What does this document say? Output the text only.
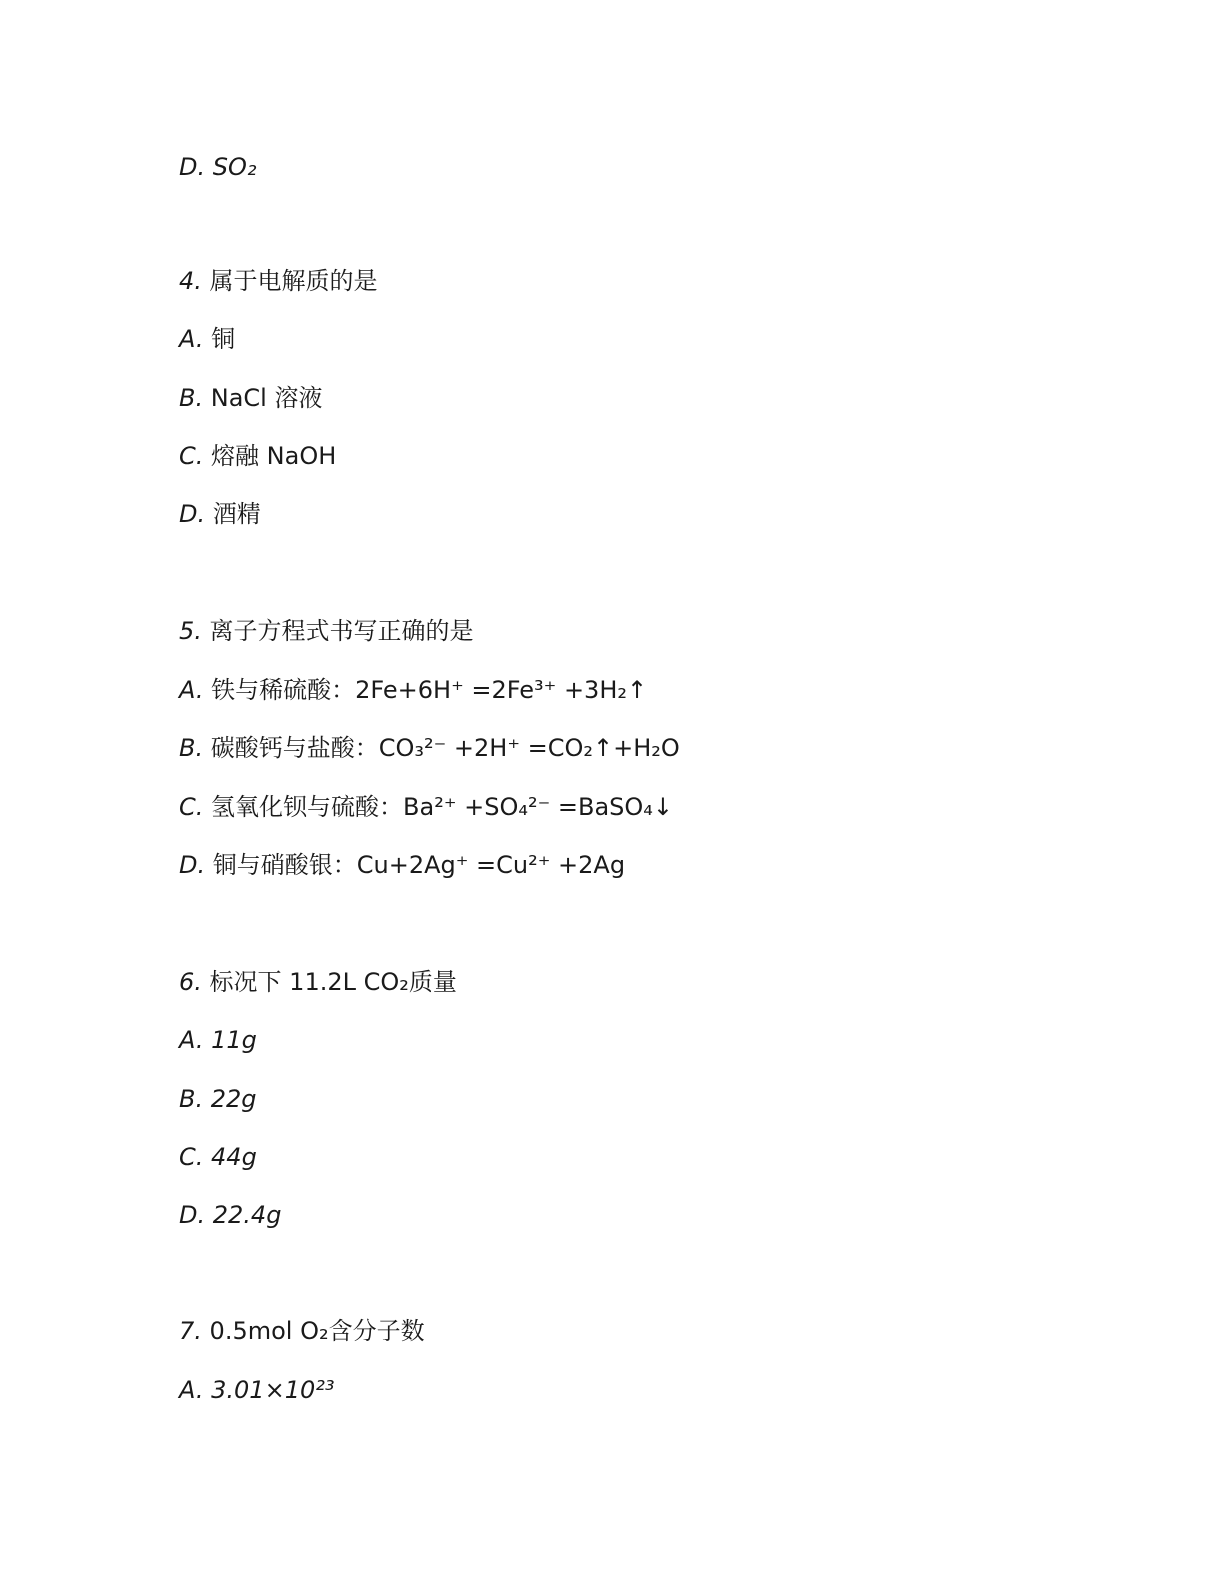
D. SO₂
4. 属于电解质的是
A. 铜
B. NaCl 溶液
C. 熔融 NaOH
D. 酒精
5. 离子方程式书写正确的是
A. 铁与稀硫酸：2Fe+6H⁺ =2Fe³⁺ +3H₂↑
B. 碳酸钙与盐酸：CO₃²⁻ +2H⁺ =CO₂↑+H₂O
C. 氢氧化钡与硫酸：Ba²⁺ +SO₄²⁻ =BaSO₄↓
D. 铜与硝酸银：Cu+2Ag⁺ =Cu²⁺ +2Ag
6. 标况下 11.2L CO₂质量
A. 11g
B. 22g
C. 44g
D. 22.4g
7. 0.5mol O₂含分子数
A. 3.01×10²³
